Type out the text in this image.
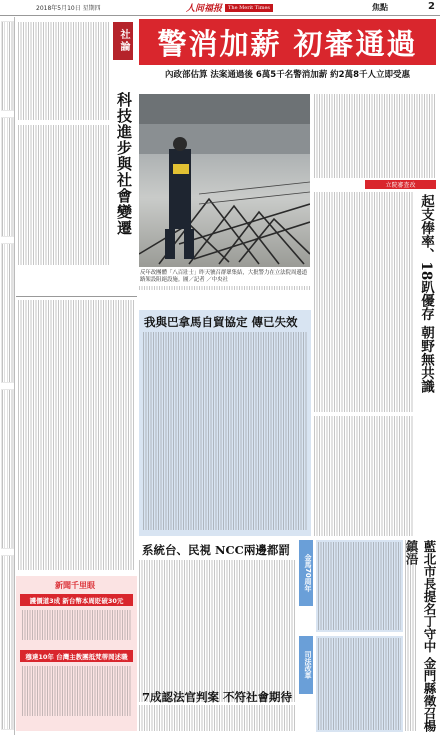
2018年5月10日 星期四	人间福报	The Merit Times	焦點	2
社論
科技進步與社會變遷
新聞千里眼
護價道3成 新台幣本周貶破30元
穆達10年 台灣主教團抵梵蒂岡述職
警消加薪 初審通過
內政部估算 法案通過後 6萬5千名警消加薪 約2萬8千人立即受惠
反年改團體「八百壯士」昨天號召群眾集結，大批警力在立法院周邊道路架設阻絕設施。圖／記者 ／中央社
立院審查改
起支俸率、18趴優存 朝野無共識
我與巴拿馬自貿協定 傳已失效
系統台、民視 NCC兩邊都罰
金馬70周年
司法改革
7成認法官判案 不符社會期待	藍北市長提名丁守中 金門縣徵召楊鎮浯
